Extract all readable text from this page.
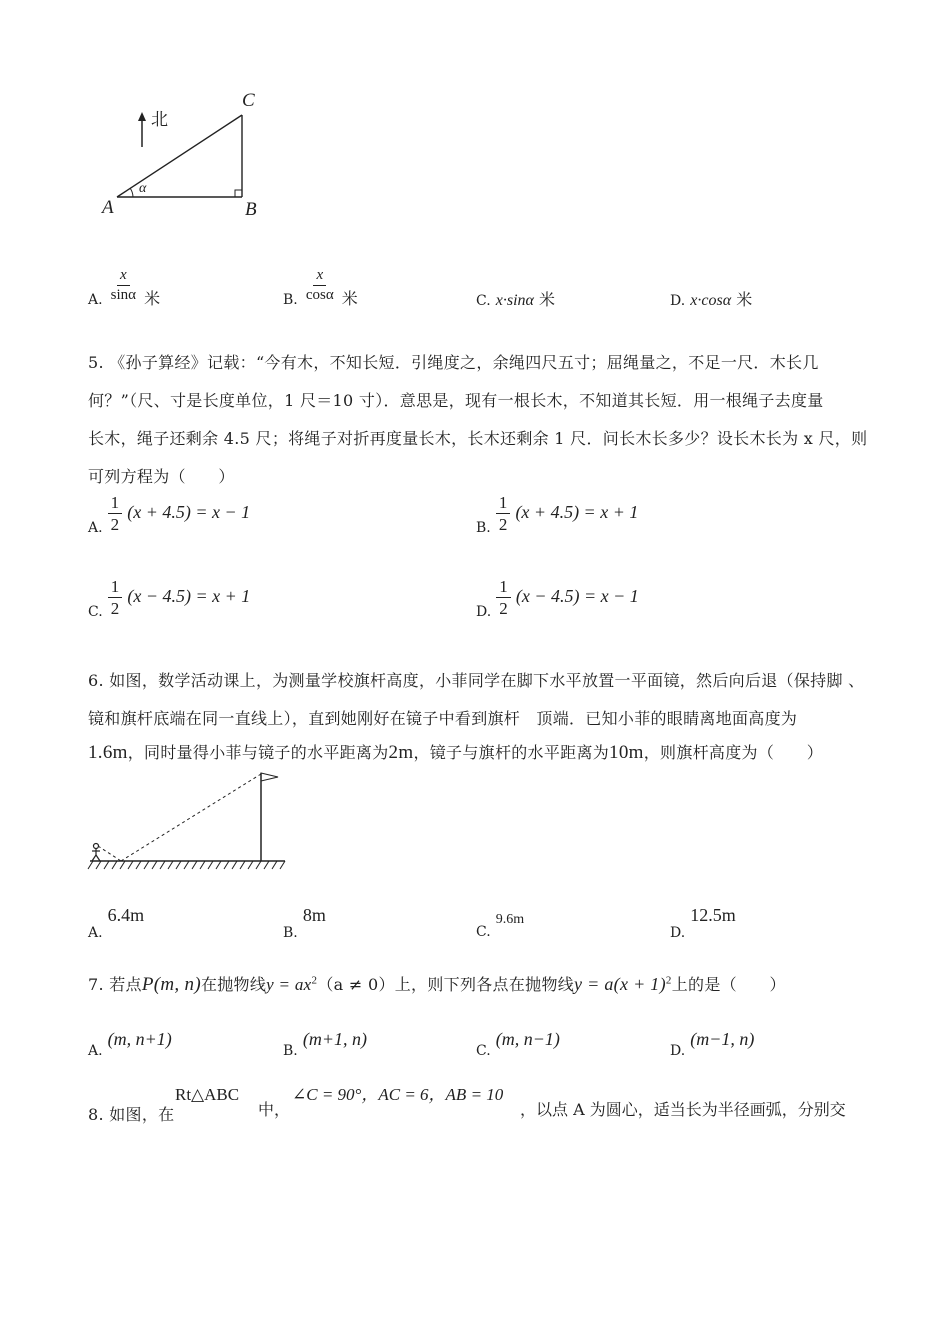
北
α
A	B
C
A. $\frac{x}{\sin\alpha}$ 米	B. $\frac{x}{\cos\alpha}$ 米	C. x·sinα 米	D. x·cosα 米
5. 《孙子算经》记载：“今有木，不知长短．引绳度之，余绳四尺五寸；屈绳量之，不足一尺．木长几
何？”（尺、寸是长度单位，1 尺＝10 寸）．意思是，现有一根长木，不知道其长短．用一根绳子去度量
长木，绳子还剩余 4.5 尺；将绳子对折再度量长木，长木还剩余 1 尺．问长木长多少？设长木长为 x 尺，则
可列方程为（　　）
A. $\frac{1}{2} (x + 4.5) = x - 1$
B. $\frac{1}{2} (x + 4.5) = x + 1$
C. $\frac{1}{2} (x - 4.5) = x + 1$
D. $\frac{1}{2} (x - 4.5) = x - 1$
6. 如图，数学活动课上，为测量学校旗杆高度，小菲同学在脚下水平放置一平面镜，然后向后退（保持脚 、
镜和旗杆底端在同一直线上），直到她刚好在镜子中看到旗杆　顶端．已知小菲的眼睛离地面高度为
1.6m，同时量得小菲与镜子的水平距离为2m，镜子与旗杆的水平距离为10m，则旗杆高度为（　　）
A. 6.4m
B. 8m
C. 9.6m
D. 12.5m
7. 若点P(m, n)在抛物线$y = ax^2(a \ne 0)$上，则下列各点在抛物线$y = a(x + 1)^2$上的是（　　）
A. (m, n+1)
B. (m+1, n)
C. (m, n−1)
D. (m−1, n)
8. 如图，在
Rt△ABC
中，
∠C = 90°，AC = 6，AB = 10
，以点 A 为圆心，适当长为半径画弧，分别交
